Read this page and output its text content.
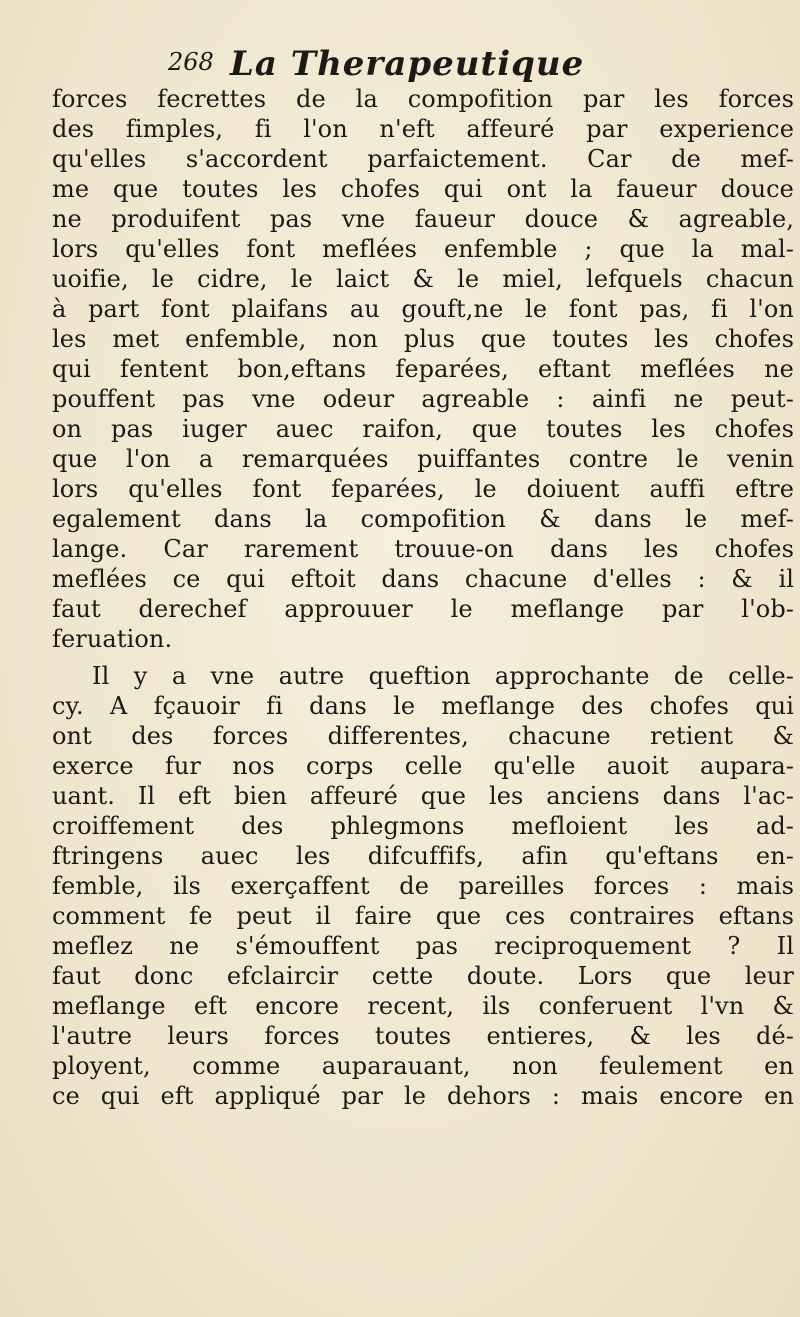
268 La Therapeutique
forces fecrettes de la compofition par les forces
des fimples, fi l'on n'eft affeuré par experience
qu'elles s'accordent parfaictement. Car de mef-
me que toutes les chofes qui ont la faueur douce
ne produifent pas vne faueur douce & agreable,
lors qu'elles font meflées enfemble ; que la mal-
uoifie, le cidre, le laict & le miel, lefquels chacun
à part font plaifans au gouft,ne le font pas, fi l'on
les met enfemble, non plus que toutes les chofes
qui fentent bon,eftans feparées, eftant meflées ne
pouffent pas vne odeur agreable : ainfi ne peut-
on pas iuger auec raifon, que toutes les chofes
que l'on a remarquées puiffantes contre le venin
lors qu'elles font feparées, le doiuent auffi eftre
egalement dans la compofition & dans le mef-
lange. Car rarement trouue-on dans les chofes
meflées ce qui eftoit dans chacune d'elles : & il
faut derechef approuuer le meflange par l'ob-
feruation.
Il y a vne autre queftion approchante de celle-
cy. A fçauoir fi dans le meflange des chofes qui
ont des forces differentes, chacune retient &
exerce fur nos corps celle qu'elle auoit aupara-
uant. Il eft bien affeuré que les anciens dans l'ac-
croiffement des phlegmons mefloient les ad-
ftringens auec les difcuffifs, afin qu'eftans en-
femble, ils exerçaffent de pareilles forces : mais
comment fe peut il faire que ces contraires eftans
meflez ne s'émouffent pas reciproquement ? Il
faut donc efclaircir cette doute. Lors que leur
meflange eft encore recent, ils conferuent l'vn &
l'autre leurs forces toutes entieres, & les dé-
ployent, comme auparauant, non feulement en
ce qui eft appliqué par le dehors : mais encore en
